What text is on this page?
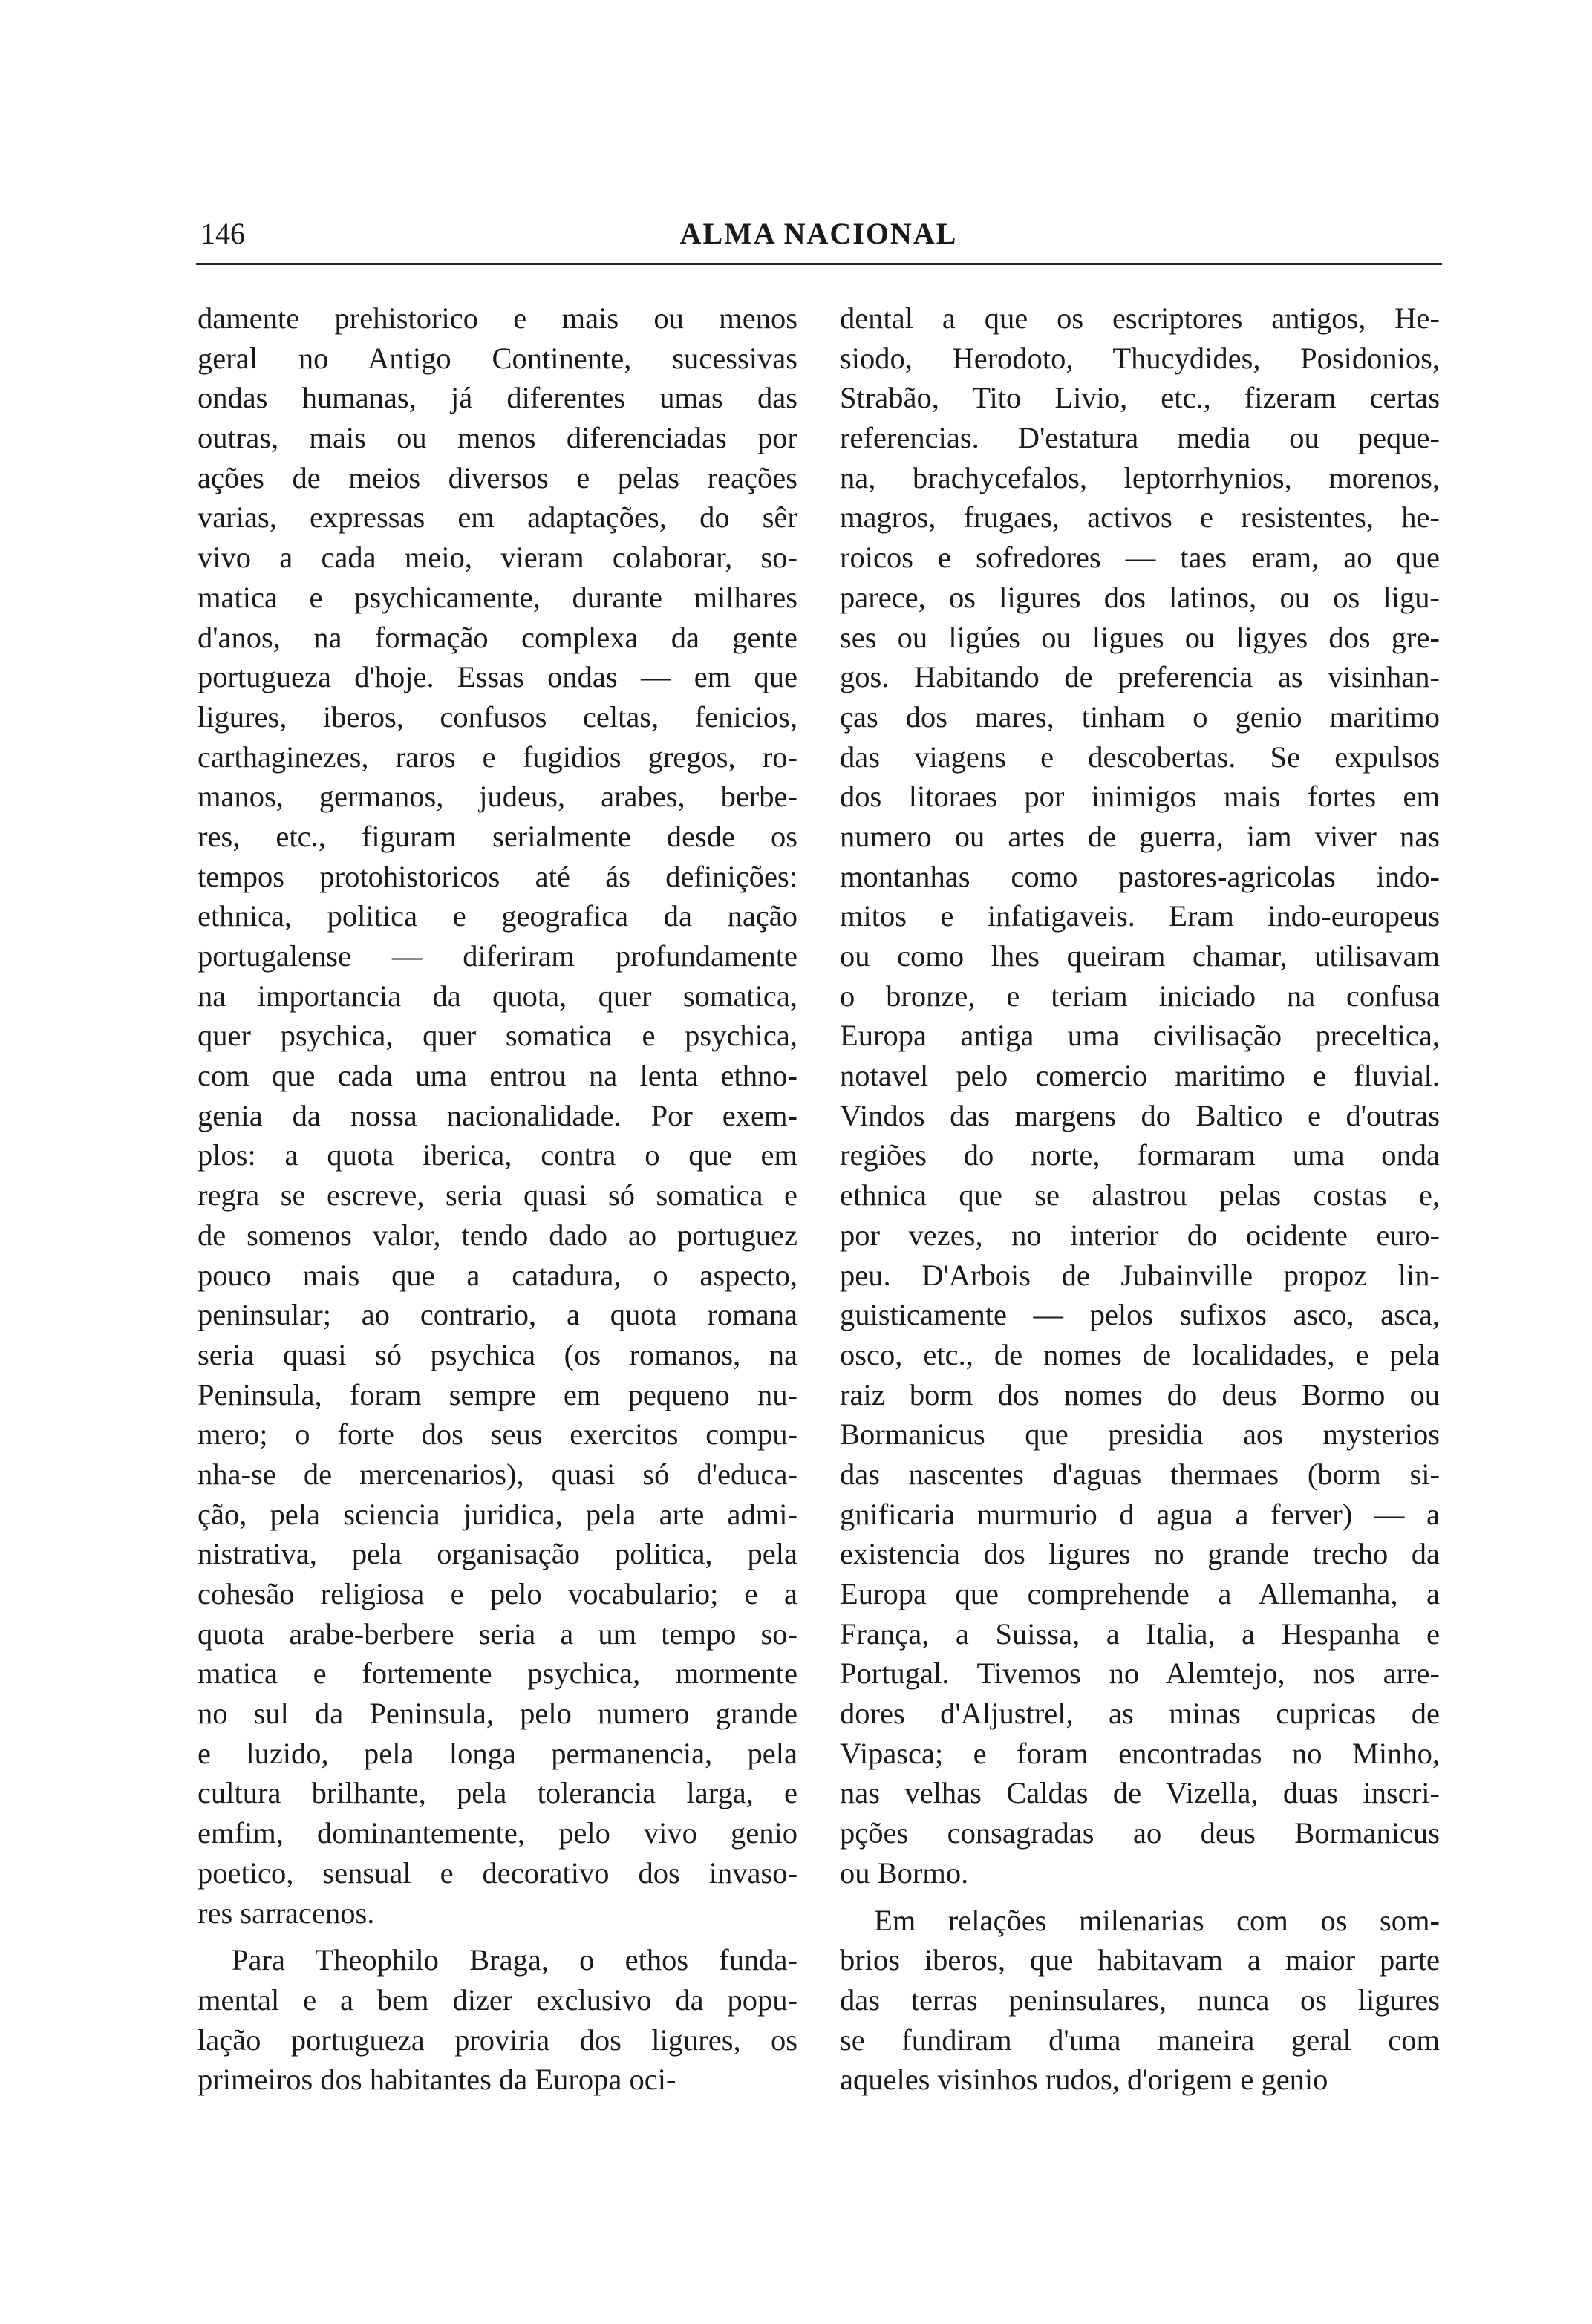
146	ALMA NACIONAL
damente prehistorico e mais ou menos
geral no Antigo Continente, sucessivas
ondas humanas, já diferentes umas das
outras, mais ou menos diferenciadas por
ações de meios diversos e pelas reações
varias, expressas em adaptações, do sêr
vivo a cada meio, vieram colaborar, so-
matica e psychicamente, durante milhares
d'anos, na formação complexa da gente
portugueza d'hoje. Essas ondas — em que
ligures, iberos, confusos celtas, fenicios,
carthaginezes, raros e fugidios gregos, ro-
manos, germanos, judeus, arabes, berbe-
res, etc., figuram serialmente desde os
tempos protohistoricos até ás definições:
ethnica, politica e geografica da nação
portugalense — diferiram profundamente
na importancia da quota, quer somatica,
quer psychica, quer somatica e psychica,
com que cada uma entrou na lenta ethno-
genia da nossa nacionalidade. Por exem-
plos: a quota iberica, contra o que em
regra se escreve, seria quasi só somatica e
de somenos valor, tendo dado ao portuguez
pouco mais que a catadura, o aspecto,
peninsular; ao contrario, a quota romana
seria quasi só psychica (os romanos, na
Peninsula, foram sempre em pequeno nu-
mero; o forte dos seus exercitos compu-
nha-se de mercenarios), quasi só d'educa-
ção, pela sciencia juridica, pela arte admi-
nistrativa, pela organisação politica, pela
cohesão religiosa e pelo vocabulario; e a
quota arabe-berbere seria a um tempo so-
matica e fortemente psychica, mormente
no sul da Peninsula, pelo numero grande
e luzido, pela longa permanencia, pela
cultura brilhante, pela tolerancia larga, e
emfim, dominantemente, pelo vivo genio
poetico, sensual e decorativo dos invaso-
res sarracenos.
Para Theophilo Braga, o ethos funda-
mental e a bem dizer exclusivo da popu-
lação portugueza proviria dos ligures, os
primeiros dos habitantes da Europa oci-
dental a que os escriptores antigos, He-
siodo, Herodoto, Thucydides, Posidonios,
Strabão, Tito Livio, etc., fizeram certas
referencias. D'estatura media ou peque-
na, brachycefalos, leptorrhynios, morenos,
magros, frugaes, activos e resistentes, he-
roicos e sofredores — taes eram, ao que
parece, os ligures dos latinos, ou os ligu-
ses ou ligúes ou ligues ou ligyes dos gre-
gos. Habitando de preferencia as visinhan-
ças dos mares, tinham o genio maritimo
das viagens e descobertas. Se expulsos
dos litoraes por inimigos mais fortes em
numero ou artes de guerra, iam viver nas
montanhas como pastores-agricolas indo-
mitos e infatigaveis. Eram indo-europeus
ou como lhes queiram chamar, utilisavam
o bronze, e teriam iniciado na confusa
Europa antiga uma civilisação preceltica,
notavel pelo comercio maritimo e fluvial.
Vindos das margens do Baltico e d'outras
regiões do norte, formaram uma onda
ethnica que se alastrou pelas costas e,
por vezes, no interior do ocidente euro-
peu. D'Arbois de Jubainville propoz lin-
guisticamente — pelos sufixos asco, asca,
osco, etc., de nomes de localidades, e pela
raiz borm dos nomes do deus Bormo ou
Bormanicus que presidia aos mysterios
das nascentes d'aguas thermaes (borm si-
gnificaria murmurio d agua a ferver) — a
existencia dos ligures no grande trecho da
Europa que comprehende a Allemanha, a
França, a Suissa, a Italia, a Hespanha e
Portugal. Tivemos no Alemtejo, nos arre-
dores d'Aljustrel, as minas cupricas de
Vipasca; e foram encontradas no Minho,
nas velhas Caldas de Vizella, duas inscri-
pções consagradas ao deus Bormanicus
ou Bormo.
Em relações milenarias com os som-
brios iberos, que habitavam a maior parte
das terras peninsulares, nunca os ligures
se fundiram d'uma maneira geral com
aqueles visinhos rudos, d'origem e genio
